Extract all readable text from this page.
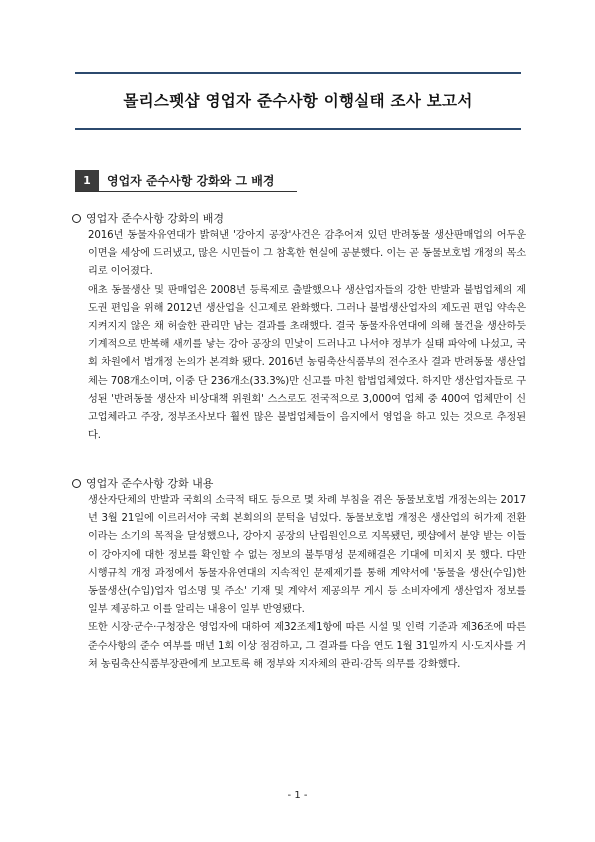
몰리스펫샵 영업자 준수사항 이행실태 조사 보고서
1	영업자 준수사항 강화와 그 배경
영업자 준수사항 강화의 배경

2016년 동물자유연대가 밝혀낸 '강아지 공장'사건은 감추어져 있던 반려동물 생산판매업의 어두운 이면을 세상에 드러냈고, 많은 시민들이 그 참혹한 현실에 공분했다. 이는 곧 동물보호법 개정의 목소리로 이어졌다.

애초 동물생산 및 판매업은 2008년 등록제로 출발했으나 생산업자들의 강한 반발과 불법업체의 제도권 편입을 위해 2012년 생산업을 신고제로 완화했다. 그러나 불법생산업자의 제도권 편입 약속은 지켜지지 않은 채 허술한 관리만 남는 결과를 초래했다. 결국 동물자유연대에 의해 물건을 생산하듯 기계적으로 반복해 새끼를 낳는 강아 공장의 민낯이 드러나고 나서야 정부가 실태 파악에 나섰고, 국회 차원에서 법개정 논의가 본격화 됐다. 2016년 농림축산식품부의 전수조사 결과 반려동물 생산업체는 708개소이며, 이중 단 236개소(33.3%)만 신고를 마친 합법업체였다. 하지만 생산업자들로 구성된 '반려동물 생산자 비상대책 위원회' 스스로도 전국적으로 3,000여 업체 중 400여 업체만이 신고업체라고 주장, 정부조사보다 훨씬 많은 불법업체들이 음지에서 영업을 하고 있는 것으로 추정된다.

영업자 준수사항 강화 내용

생산자단체의 반발과 국회의 소극적 태도 등으로 몇 차례 부침을 겪은 동물보호법 개정논의는 2017년 3월 21일에 이르러서야 국회 본회의의 문턱을 넘었다. 동물보호법 개정은 생산업의 허가제 전환이라는 소기의 목적을 달성했으나, 강아지 공장의 난립원인으로 지목됐던, 펫샵에서 분양 받는 이들이 강아지에 대한 정보를 확인할 수 없는 정보의 불투명성 문제해결은 기대에 미치지 못 했다. 다만 시행규칙 개정 과정에서 동물자유연대의 지속적인 문제제기를 통해 계약서에 '동물을 생산(수입)한 동물생산(수입)업자 업소명 및 주소' 기재 및 계약서 제공의무 게시 등 소비자에게 생산업자 정보를 일부 제공하고 이를 알리는 내용이 일부 반영됐다.

또한 시장·군수·구청장은 영업자에 대하여 제32조제1항에 따른 시설 및 인력 기준과 제36조에 따른 준수사항의 준수 여부를 매년 1회 이상 점검하고, 그 결과를 다음 연도 1월 31일까지 시·도지사를 거쳐 농림축산식품부장관에게 보고토록 해 정부와 지자체의 관리·감독 의무를 강화했다.

- 1 -
